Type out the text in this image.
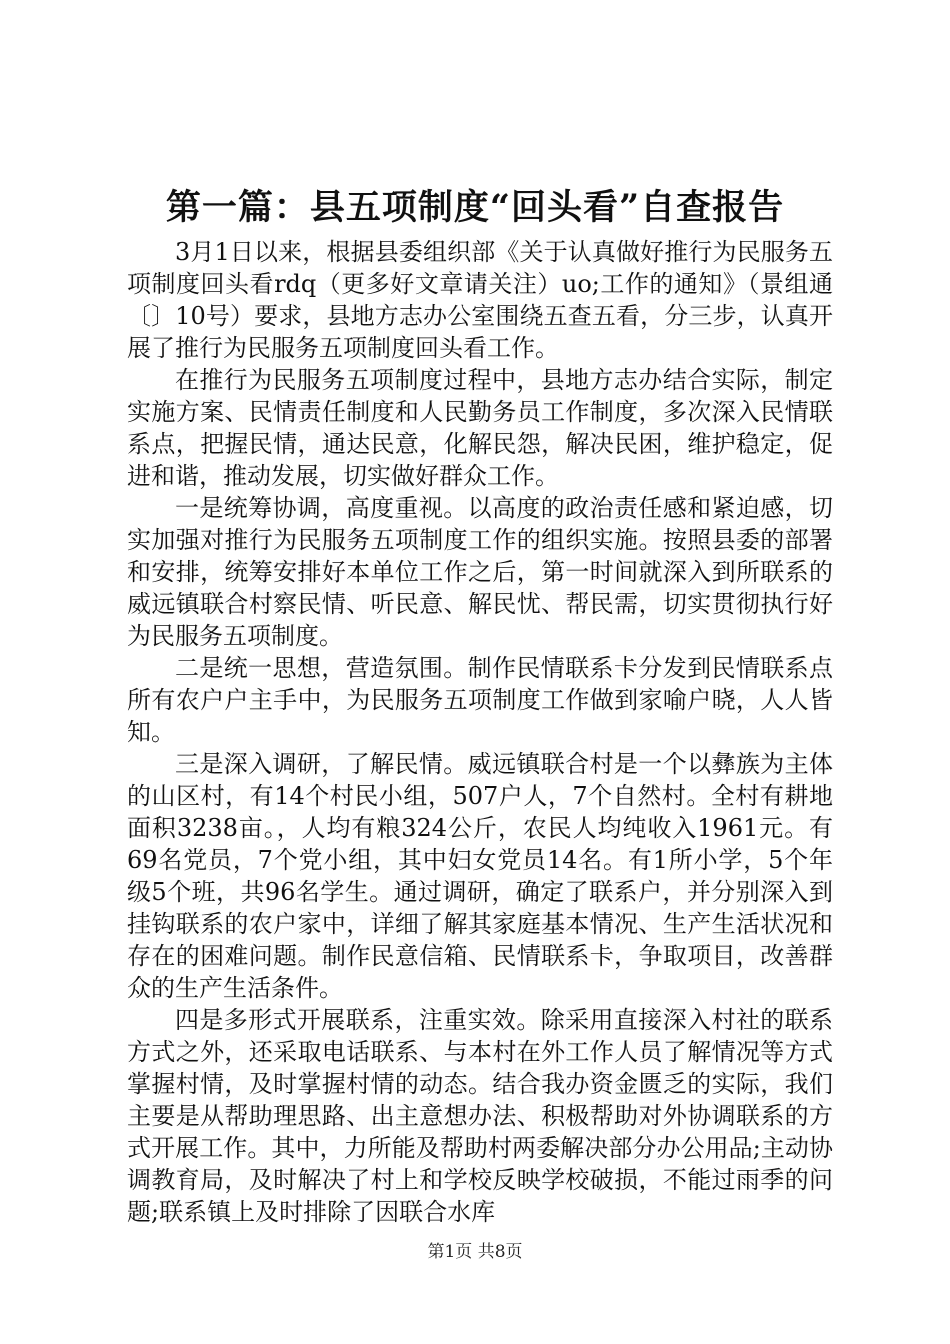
第一篇：县五项制度“回头看”自查报告

3月1日以来，根据县委组织部《关于认真做好推行为民服务五项制度回头看rdq（更多好文章请关注）uo;工作的通知》（景组通〔〕10号）要求，县地方志办公室围绕五查五看，分三步，认真开展了推行为民服务五项制度回头看工作。

在推行为民服务五项制度过程中，县地方志办结合实际，制定实施方案、民情责任制度和人民勤务员工作制度，多次深入民情联系点，把握民情，通达民意，化解民怨，解决民困，维护稳定，促进和谐，推动发展，切实做好群众工作。

一是统筹协调，高度重视。以高度的政治责任感和紧迫感，切实加强对推行为民服务五项制度工作的组织实施。按照县委的部署和安排，统筹安排好本单位工作之后，第一时间就深入到所联系的威远镇联合村察民情、听民意、解民忧、帮民需，切实贯彻执行好为民服务五项制度。

二是统一思想，营造氛围。制作民情联系卡分发到民情联系点所有农户户主手中，为民服务五项制度工作做到家喻户晓，人人皆知。

三是深入调研，了解民情。威远镇联合村是一个以彝族为主体的山区村，有14个村民小组，507户人，7个自然村。全村有耕地面积3238亩。，人均有粮324公斤，农民人均纯收入1961元。有69名党员，7个党小组，其中妇女党员14名。有1所小学，5个年级5个班，共96名学生。通过调研，确定了联系户，并分别深入到挂钩联系的农户家中，详细了解其家庭基本情况、生产生活状况和存在的困难问题。制作民意信箱、民情联系卡，争取项目，改善群众的生产生活条件。

四是多形式开展联系，注重实效。除采用直接深入村社的联系方式之外，还采取电话联系、与本村在外工作人员了解情况等方式掌握村情，及时掌握村情的动态。结合我办资金匮乏的实际，我们主要是从帮助理思路、出主意想办法、积极帮助对外协调联系的方式开展工作。其中，力所能及帮助村两委解决部分办公用品;主动协调教育局，及时解决了村上和学校反映学校破损，不能过雨季的问题;联系镇上及时排除了因联合水库

第1页 共8页
